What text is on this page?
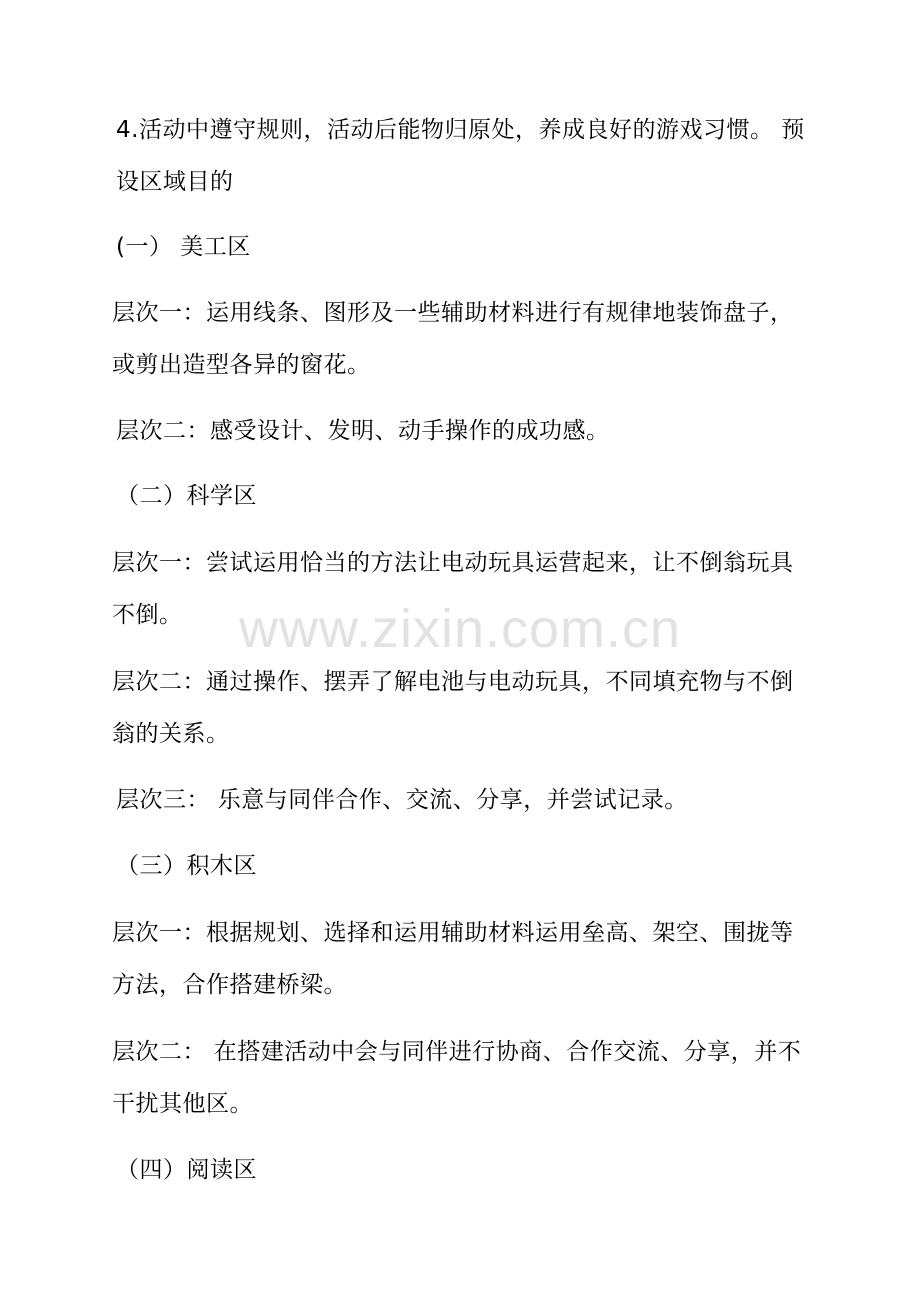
4.活动中遵守规则，活动后能物归原处，养成良好的游戏习惯。 预设区域目的

(一） 美工区

层次一：运用线条、图形及一些辅助材料进行有规律地装饰盘子，或剪出造型各异的窗花。

层次二：感受设计、发明、动手操作的成功感。

（二）科学区

层次一：尝试运用恰当的方法让电动玩具运营起来，让不倒翁玩具不倒。

层次二：通过操作、摆弄了解电池与电动玩具，不同填充物与不倒翁的关系。

层次三： 乐意与同伴合作、交流、分享，并尝试记录。

（三）积木区

层次一：根据规划、选择和运用辅助材料运用垒高、架空、围拢等方法，合作搭建桥梁。

层次二： 在搭建活动中会与同伴进行协商、合作交流、分享，并不干扰其他区。

（四）阅读区

www.zixin.com.cn
